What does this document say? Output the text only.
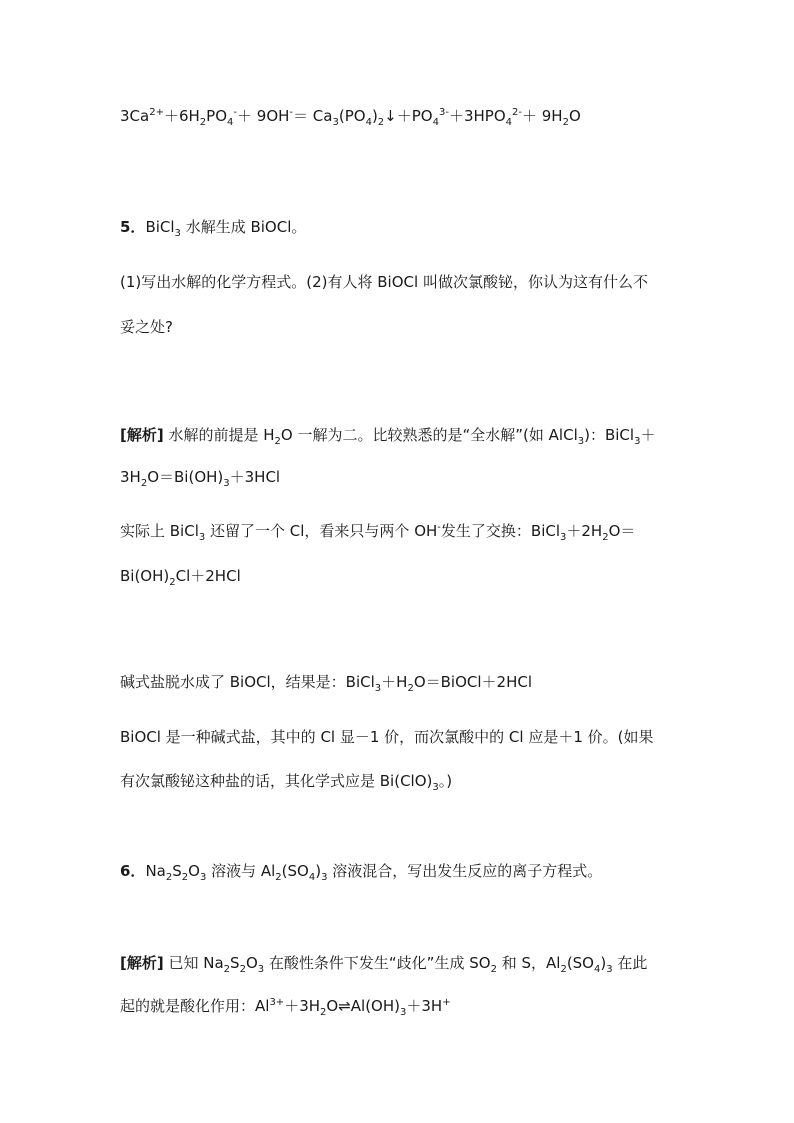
$3Ca^{2+}+6H_2PO_4^-+ 9OH^-=$ $Ca_3(PO_4)_2↓+PO_4^{3-}+3HPO_4^{2-}+ 9H_2O$
5．BiCl$_3$ 水解生成 BiOCl。
(1)写出水解的化学方程式。(2)有人将 BiOCl 叫做次氯酸铋，你认为这有什么不
妥之处?
[解析] 水解的前提是 $H_2O$ 一解为二。比较熟悉的是“全水解”(如 AlCl$_3$)：BiCl$_3$＋
$3H_2O=Bi(OH)_3+3HCl$
实际上 BiCl$_3$ 还留了一个 Cl，看来只与两个 OH-发生了交换：$BiCl_3+2H_2O=$
$Bi(OH)_2Cl+2HCl$
碱式盐脱水成了 BiOCl，结果是：$BiCl_3+H_2O=BiOCl+2HCl$
BiOCl 是一种碱式盐，其中的 Cl 显－1 价，而次氯酸中的 Cl 应是＋1 价。(如果
有次氯酸铋这种盐的话，其化学式应是 $Bi(ClO)_3$。)
6．$Na_2S_2O_3$ 溶液与 $Al_2(SO_4)_3$ 溶液混合，写出发生反应的离子方程式。
[解析] 已知 $Na_2S_2O_3$ 在酸性条件下发生“歧化”生成 $SO_2$ 和 S，$Al_2(SO_4)_3$ 在此
起的就是酸化作用：$Al^{3+}+3H_2O\rightleftharpoons Al(OH)_3+3H^+$
